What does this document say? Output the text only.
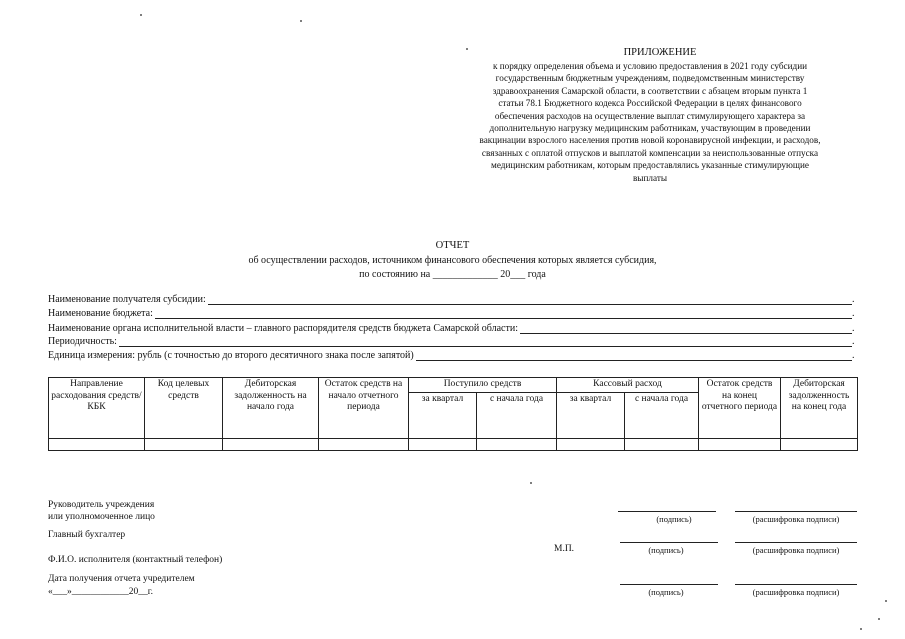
ПРИЛОЖЕНИЕ
к порядку определения объема и условию предоставления в 2021 году субсидии
государственным бюджетным учреждениям, подведомственным министерству
здравоохранения Самарской области, в соответствии с абзацем вторым пункта 1
статьи 78.1 Бюджетного кодекса Российской Федерации в целях финансового
обеспечения расходов на осуществление выплат стимулирующего характера за
дополнительную нагрузку медицинским работникам, участвующим в проведении
вакцинации взрослого населения против новой коронавирусной инфекции, и расходов,
связанных с оплатой отпусков и выплатой компенсации за неиспользованные отпуска
медицинским работникам, которым предоставлялись указанные стимулирующие
выплаты
ОТЧЕТ
об осуществлении расходов, источником финансового обеспечения которых является субсидия,
по состоянию на _____________ 20___ года
Наименование получателя субсидии:	.
Наименование бюджета:	.
Наименование органа исполнительной власти – главного распорядителя средств бюджета Самарской области:	.
Периодичность:	.
Единица измерения: рубль (с точностью до второго десятичного знака после запятой)	.
Направление расходования средств/КБК	Код целевых средств	Дебиторская задолженность на начало года	Остаток средств на начало отчетного периода	Поступило средств		Кассовый расход		Остаток средств на конец отчетного периода	Дебиторская задолженность на конец года
				за квартал	с начала года	за квартал	с начала года		

Руководитель учреждения
или уполномоченное лицо
Главный бухгалтер
Ф.И.О. исполнителя (контактный телефон)
Дата получения отчета учредителем
«___»____________20__г.
М.П.
(подпись)	(расшифровка подписи)
(подпись)	(расшифровка подписи)
(подпись)	(расшифровка подписи)
